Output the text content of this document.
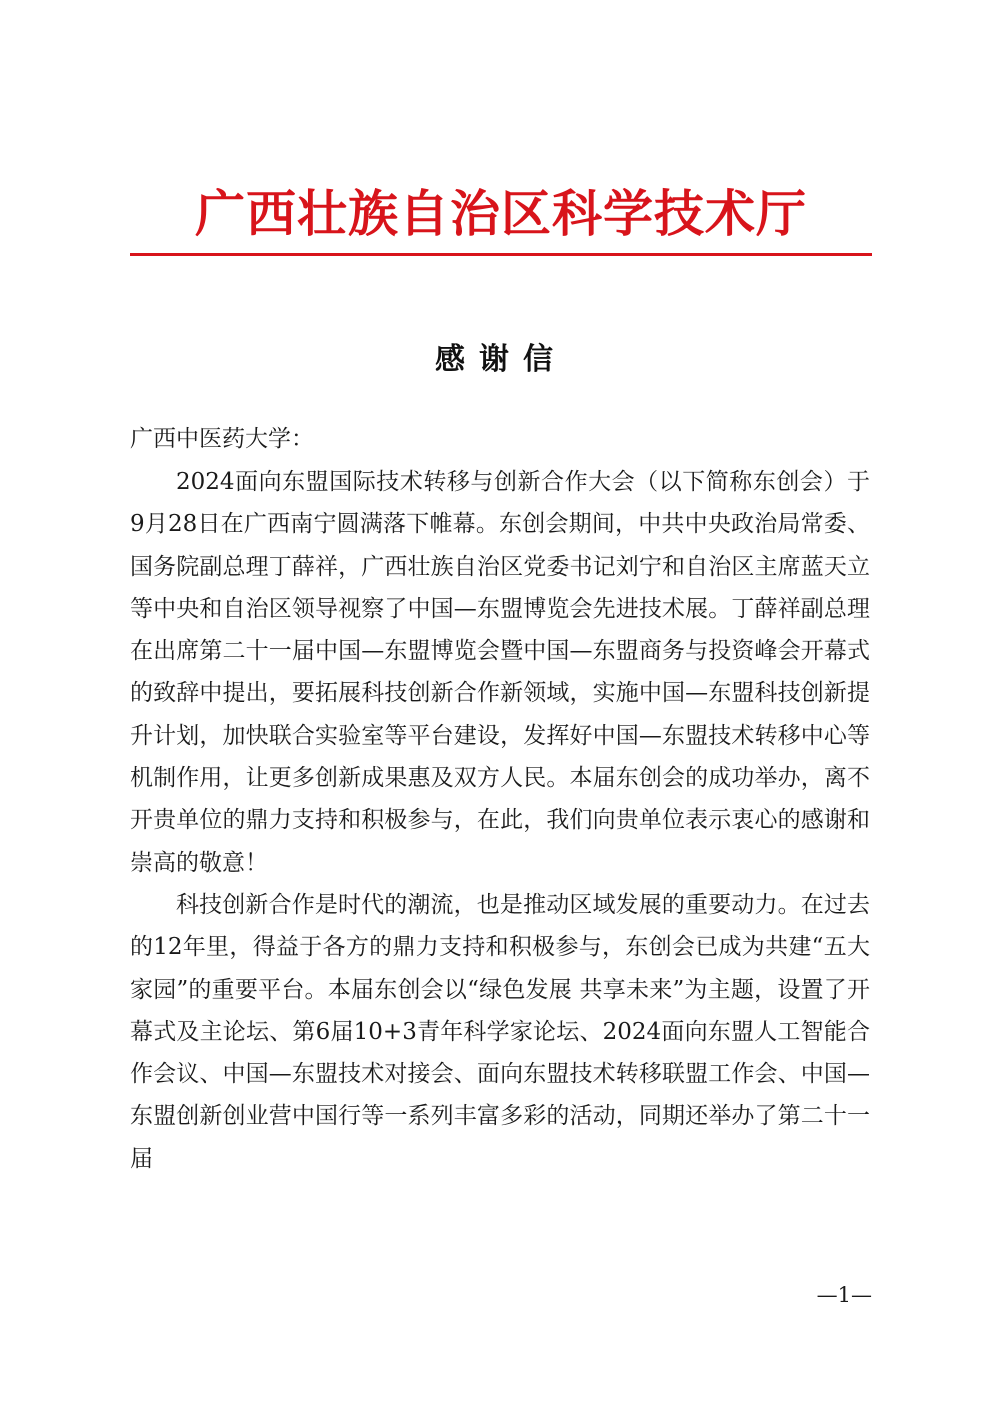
广西壮族自治区科学技术厅
感谢信
广西中医药大学：

2024面向东盟国际技术转移与创新合作大会（以下简称东创会）于9月28日在广西南宁圆满落下帷幕。东创会期间，中共中央政治局常委、国务院副总理丁薛祥，广西壮族自治区党委书记刘宁和自治区主席蓝天立等中央和自治区领导视察了中国—东盟博览会先进技术展。丁薛祥副总理在出席第二十一届中国—东盟博览会暨中国—东盟商务与投资峰会开幕式的致辞中提出，要拓展科技创新合作新领域，实施中国—东盟科技创新提升计划，加快联合实验室等平台建设，发挥好中国—东盟技术转移中心等机制作用，让更多创新成果惠及双方人民。本届东创会的成功举办，离不开贵单位的鼎力支持和积极参与，在此，我们向贵单位表示衷心的感谢和崇高的敬意！

科技创新合作是时代的潮流，也是推动区域发展的重要动力。在过去的12年里，得益于各方的鼎力支持和积极参与，东创会已成为共建“五大家园”的重要平台。本届东创会以“绿色发展 共享未来”为主题，设置了开幕式及主论坛、第6届10+3青年科学家论坛、2024面向东盟人工智能合作会议、中国—东盟技术对接会、面向东盟技术转移联盟工作会、中国—东盟创新创业营中国行等一系列丰富多彩的活动，同期还举办了第二十一届

—1—
